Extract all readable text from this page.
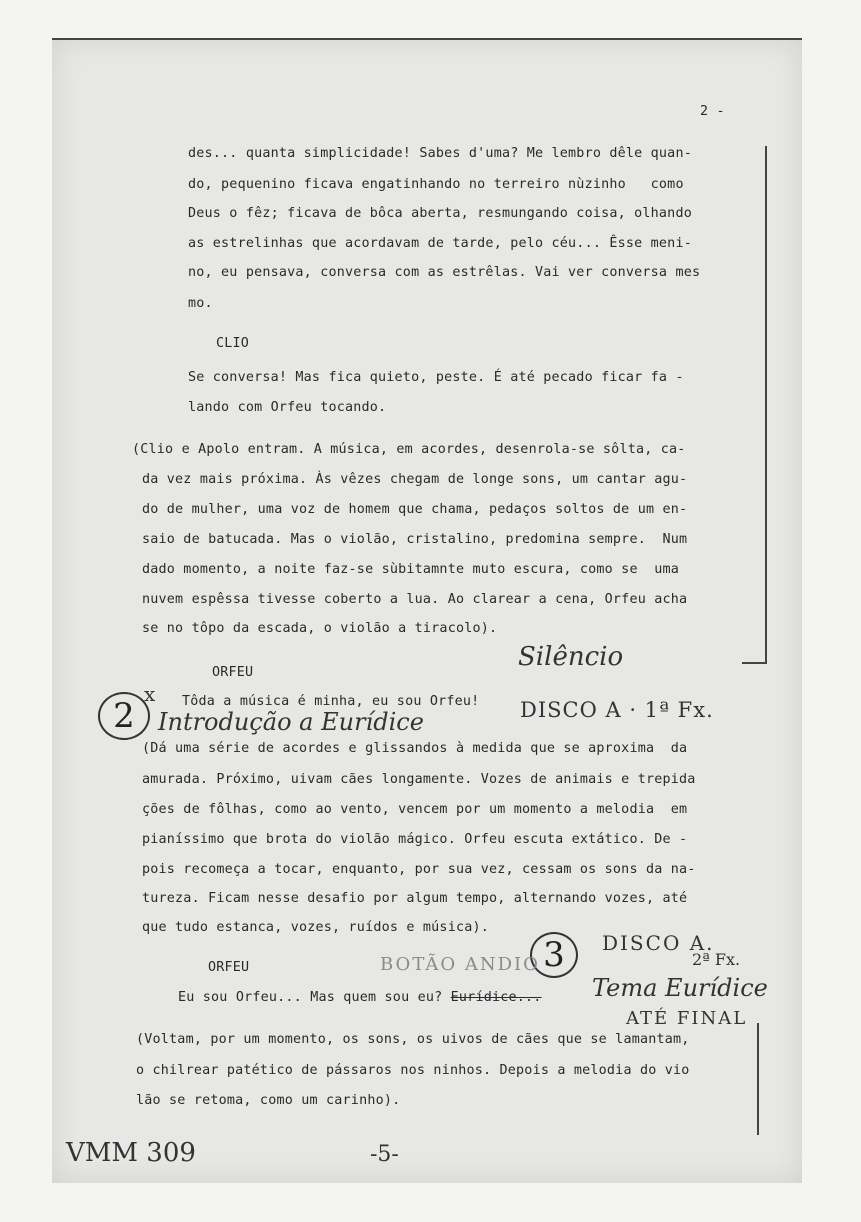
2 -
des... quanta simplicidade! Sabes d'uma? Me lembro dêle quan-
do, pequenino ficava engatinhando no terreiro nùzinho   como
Deus o fêz; ficava de bôca aberta, resmungando coisa, olhando
as estrelinhas que acordavam de tarde, pelo céu... Êsse meni-
no, eu pensava, conversa com as estrêlas. Vai ver conversa mes
mo.
CLIO
Se conversa! Mas fica quieto, peste. É até pecado ficar fa -
lando com Orfeu tocando.
(Clio e Apolo entram. A música, em acordes, desenrola-se sôlta, ca-
da vez mais próxima. Às vêzes chegam de longe sons, um cantar agu-
do de mulher, uma voz de homem que chama, pedaços soltos de um en-
saio de batucada. Mas o violão, cristalino, predomina sempre.  Num
dado momento, a noite faz-se sùbitamnte muto escura, como se  uma
nuvem espêssa tivesse coberto a lua. Ao clarear a cena, Orfeu acha
se no tôpo da escada, o violão a tiracolo).
Silêncio
ORFEU
x
2	Tôda a música é minha, eu sou Orfeu!
Introdução a Eurídice	DISCO A · 1ª Fx.
(Dá uma série de acordes e glissandos à medida que se aproxima  da
amurada. Próximo, uivam cães longamente. Vozes de animais e trepida
ções de fôlhas, como ao vento, vencem por um momento a melodia  em
pianíssimo que brota do violão mágico. Orfeu escuta extático. De -
pois recomeça a tocar, enquanto, por sua vez, cessam os sons da na-
tureza. Ficam nesse desafio por algum tempo, alternando vozes, até
que tudo estanca, vozes, ruídos e música).
3	DISCO A.
2ª Fx.
ORFEU	BOTÃO ANDIO
Tema Eurídice
Eu sou Orfeu... Mas quem sou eu? Eurídice...
ATÉ FINAL
(Voltam, por um momento, os sons, os uivos de cães que se lamantam,
o chilrear patético de pássaros nos ninhos. Depois a melodia do vio
lão se retoma, como um carinho).
VMM 309	-5-
